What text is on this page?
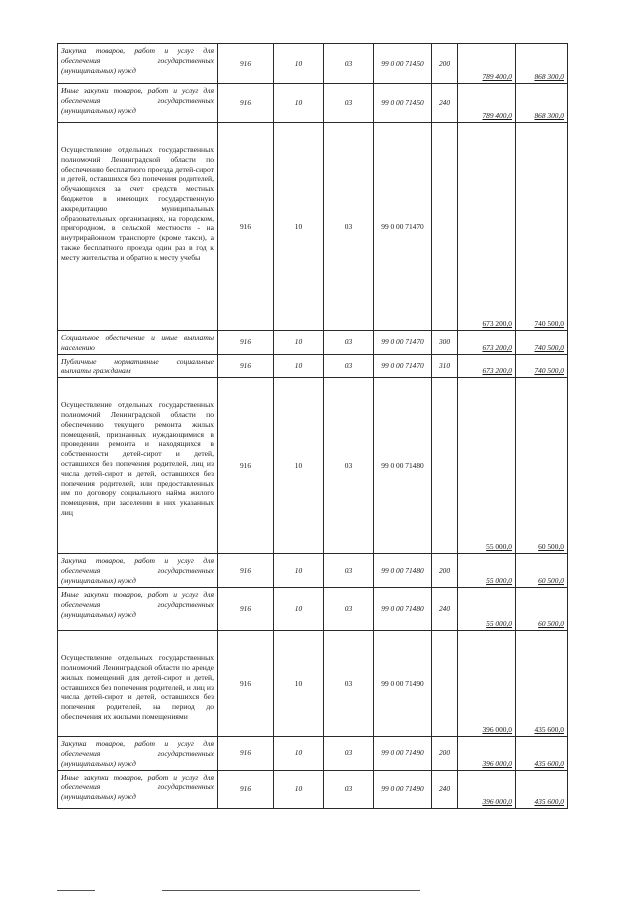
Закупка товаров, работ и услуг для обеспечения государственных (муниципальных) нужд	916	10	03	99 0 00 71450	200	789 400,0	868 300,0
Иные закупки товаров, работ и услуг для обеспечения государственных (муниципальных) нужд	916	10	03	99 0 00 71450	240	789 400,0	868 300,0
Осуществление отдельных государственных полномочий Ленинградской области по обеспечению бесплатного проезда детей-сирот и детей, оставшихся без попечения родителей, обучающихся за счет средств местных бюджетов в имеющих государственную аккредитацию муниципальных образовательных организациях, на городском, пригородном, в сельской местности - на внутрирайонном транспорте (кроме такси), а также бесплатного проезда один раз в год к месту жительства и обратно к месту учебы	916	10	03	99 0 00 71470		673 200,0	740 500,0
Социальное обеспечение и иные выплаты населению	916	10	03	99 0 00 71470	300	673 200,0	740 500,0
Публичные нормативные социальные выплаты гражданам	916	10	03	99 0 00 71470	310	673 200,0	740 500,0
Осуществление отдельных государственных полномочий Ленинградской области по обеспечению текущего ремонта жилых помещений, признанных нуждающимися в проведении ремонта и находящихся в собственности детей-сирот и детей, оставшихся без попечения родителей, лиц из числа детей-сирот и детей, оставшихся без попечения родителей, или предоставленных им по договору социального найма жилого помещения, при заселении в них указанных лиц	916	10	03	99 0 00 71480		55 000,0	60 500,0
Закупка товаров, работ и услуг для обеспечения государственных (муниципальных) нужд	916	10	03	99 0 00 71480	200	55 000,0	60 500,0
Иные закупки товаров, работ и услуг для обеспечения государственных (муниципальных) нужд	916	10	03	99 0 00 71480	240	55 000,0	60 500,0
Осуществление отдельных государственных полномочий Ленинградской области по аренде жилых помещений для детей-сирот и детей, оставшихся без попечения родителей, и лиц из числа детей-сирот и детей, оставшихся без попечения родителей, на период до обеспечения их жилыми помещениями	916	10	03	99 0 00 71490		396 000,0	435 600,0
Закупка товаров, работ и услуг для обеспечения государственных (муниципальных) нужд	916	10	03	99 0 00 71490	200	396 000,0	435 600,0
Иные закупки товаров, работ и услуг для обеспечения государственных (муниципальных) нужд	916	10	03	99 0 00 71490	240	396 000,0	435 600,0
